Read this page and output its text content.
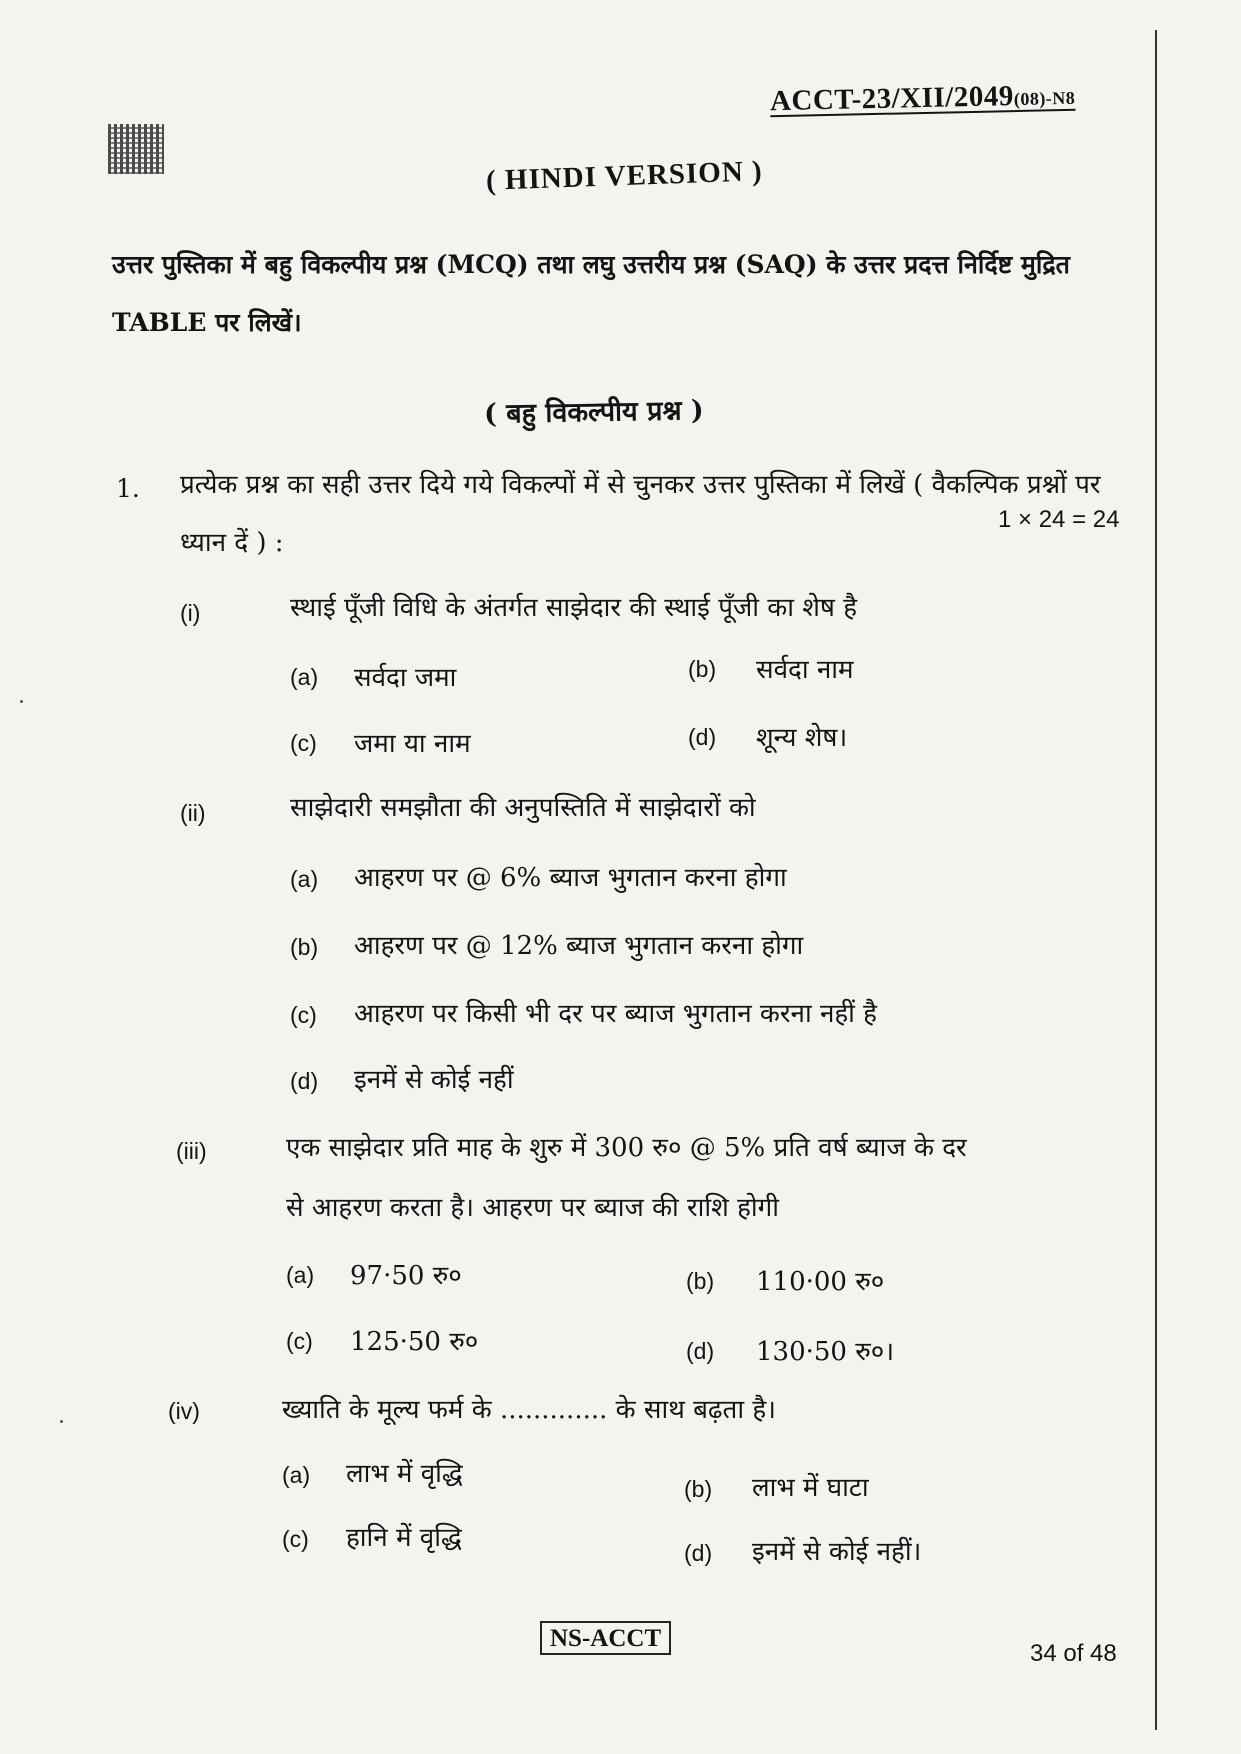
ACCT-23/XII/2049(08)-N8
( HINDI VERSION )
उत्तर पुस्तिका में बहु विकल्पीय प्रश्न (MCQ) तथा लघु उत्तरीय प्रश्न (SAQ) के उत्तर प्रदत्त निर्दिष्ट मुद्रित TABLE पर लिखें।
( बहु विकल्पीय प्रश्न )
1. प्रत्येक प्रश्न का सही उत्तर दिये गये विकल्पों में से चुनकर उत्तर पुस्तिका में लिखें ( वैकल्पिक प्रश्नों पर ध्यान दें ) :
1 × 24 = 24
(i)	स्थाई पूँजी विधि के अंतर्गत साझेदार की स्थाई पूँजी का शेष है
(a) सर्वदा जमा	(b) सर्वदा नाम
(c) जमा या नाम	(d) शून्य शेष।
(ii)	साझेदारी समझौता की अनुपस्तिति में साझेदारों को
(a) आहरण पर @ 6% ब्याज भुगतान करना होगा
(b) आहरण पर @ 12% ब्याज भुगतान करना होगा
(c) आहरण पर किसी भी दर पर ब्याज भुगतान करना नहीं है
(d) इनमें से कोई नहीं
(iii)	एक साझेदार प्रति माह के शुरु में 300 रु० @ 5% प्रति वर्ष ब्याज के दर
से आहरण करता है। आहरण पर ब्याज की राशि होगी
(a) 97·50 रु०	(b) 110·00 रु०
(c) 125·50 रु०	(d) 130·50 रु०।
(iv)	ख्याति के मूल्य फर्म के ............. के साथ बढ़ता है।
(a) लाभ में वृद्धि	(b) लाभ में घाटा
(c) हानि में वृद्धि	(d) इनमें से कोई नहीं।
NS-ACCT
34 of 48
